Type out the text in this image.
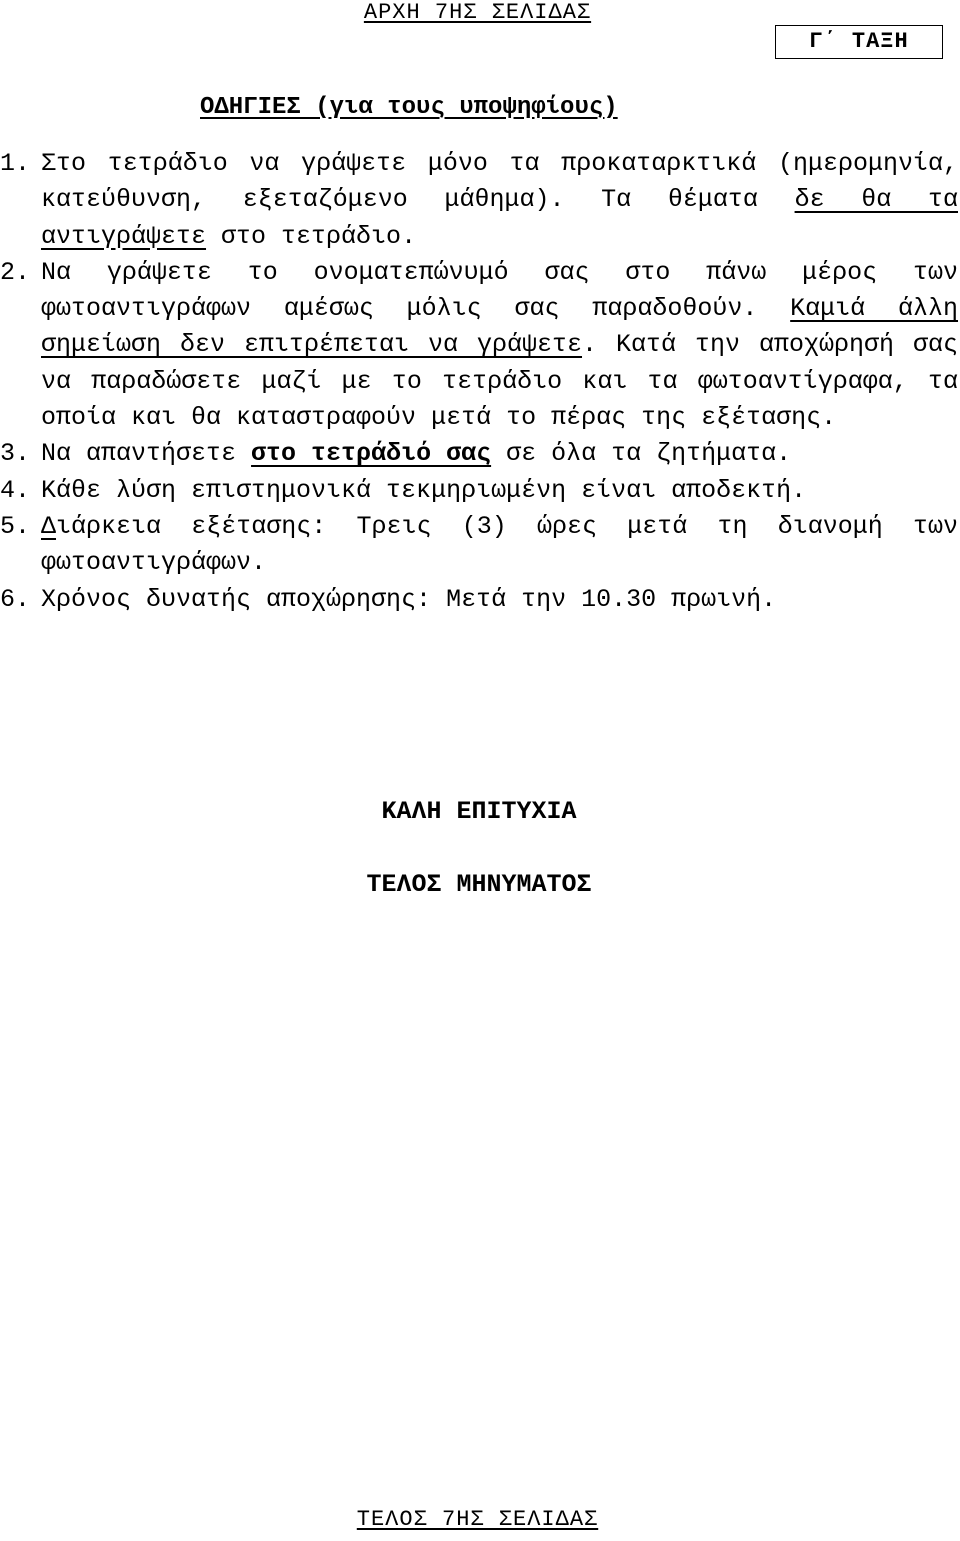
ΑΡΧΗ 7ΗΣ ΣΕΛΙΔΑΣ
Γ΄ ΤΑΞΗ
ΟΔΗΓΙΕΣ (για τους υποψηφίους)
1. Στο τετράδιο να γράψετε μόνο τα προκαταρκτικά (ημερομηνία, κατεύθυνση, εξεταζόμενο μάθημα). Τα θέματα δε θα τα αντιγράψετε στο τετράδιο.
2. Να γράψετε το ονοματεπώνυμό σας στο πάνω μέρος των φωτοαντιγράφων αμέσως μόλις σας παραδοθούν. Καμιά άλλη σημείωση δεν επιτρέπεται να γράψετε. Κατά την αποχώρησή σας να παραδώσετε μαζί με το τετράδιο και τα φωτοαντίγραφα, τα οποία και θα καταστραφούν μετά το πέρας της εξέτασης.
3. Να απαντήσετε στο τετράδιό σας σε όλα τα ζητήματα.
4. Κάθε λύση επιστημονικά τεκμηριωμένη είναι αποδεκτή.
5. Διάρκεια εξέτασης: Τρεις (3) ώρες μετά τη διανομή των φωτοαντιγράφων.
6. Χρόνος δυνατής αποχώρησης: Μετά την 10.30 πρωινή.
ΚΑΛΗ ΕΠΙΤΥΧΙΑ
ΤΕΛΟΣ ΜΗΝΥΜΑΤΟΣ
ΤΕΛΟΣ 7ΗΣ ΣΕΛΙΔΑΣ
